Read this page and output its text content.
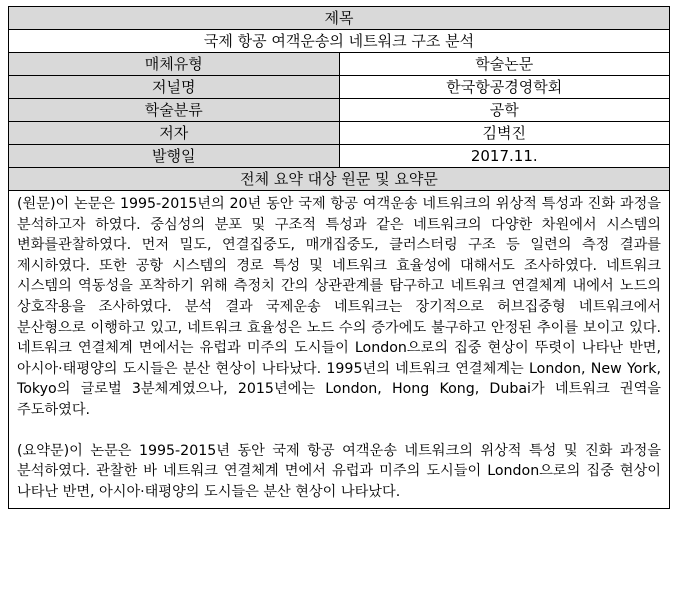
제목	
국제 항공 여객운송의 네트워크 구조 분석	
매체유형	학술논문
저널명	한국항공경영학회
학술분류	공학
저자	김벽진
발행일	2017.11.
전체 요약 대상 원문 및 요약문	

(원문)이 논문은 1995-2015년의 20년 동안 국제 항공 여객운송 네트워크의 위상적 특성과 진화 과정을 분석하고자 하였다. 중심성의 분포 및 구조적 특성과 같은 네트워크의 다양한 차원에서 시스템의 변화를관찰하였다. 먼저 밀도, 연결집중도, 매개집중도, 클러스터링 구조 등 일련의 측정 결과를 제시하였다. 또한 공항 시스템의 경로 특성 및 네트워크 효율성에 대해서도 조사하였다. 네트워크 시스템의 역동성을 포착하기 위해 측정치 간의 상관관계를 탐구하고 네트워크 연결체계 내에서 노드의 상호작용을 조사하였다. 분석 결과 국제운송 네트워크는 장기적으로 허브집중형 네트워크에서 분산형으로 이행하고 있고, 네트워크 효율성은 노드 수의 증가에도 불구하고 안정된 추이를 보이고 있다. 네트워크 연결체계 면에서는 유럽과 미주의 도시들이 London으로의 집중 현상이 뚜렷이 나타난 반면, 아시아·태평양의 도시들은 분산 현상이 나타났다. 1995년의 네트워크 연결체계는 London, New York, Tokyo의 글로벌 3분체계였으나, 2015년에는 London, Hong Kong, Dubai가 네트워크 권역을 주도하였다.

(요약문)이 논문은 1995-2015년 동안 국제 항공 여객운송 네트워크의 위상적 특성 및 진화 과정을 분석하였다. 관찰한 바 네트워크 연결체계 면에서 유럽과 미주의 도시들이 London으로의 집중 현상이 나타난 반면, 아시아·태평양의 도시들은 분산 현상이 나타났다.	
